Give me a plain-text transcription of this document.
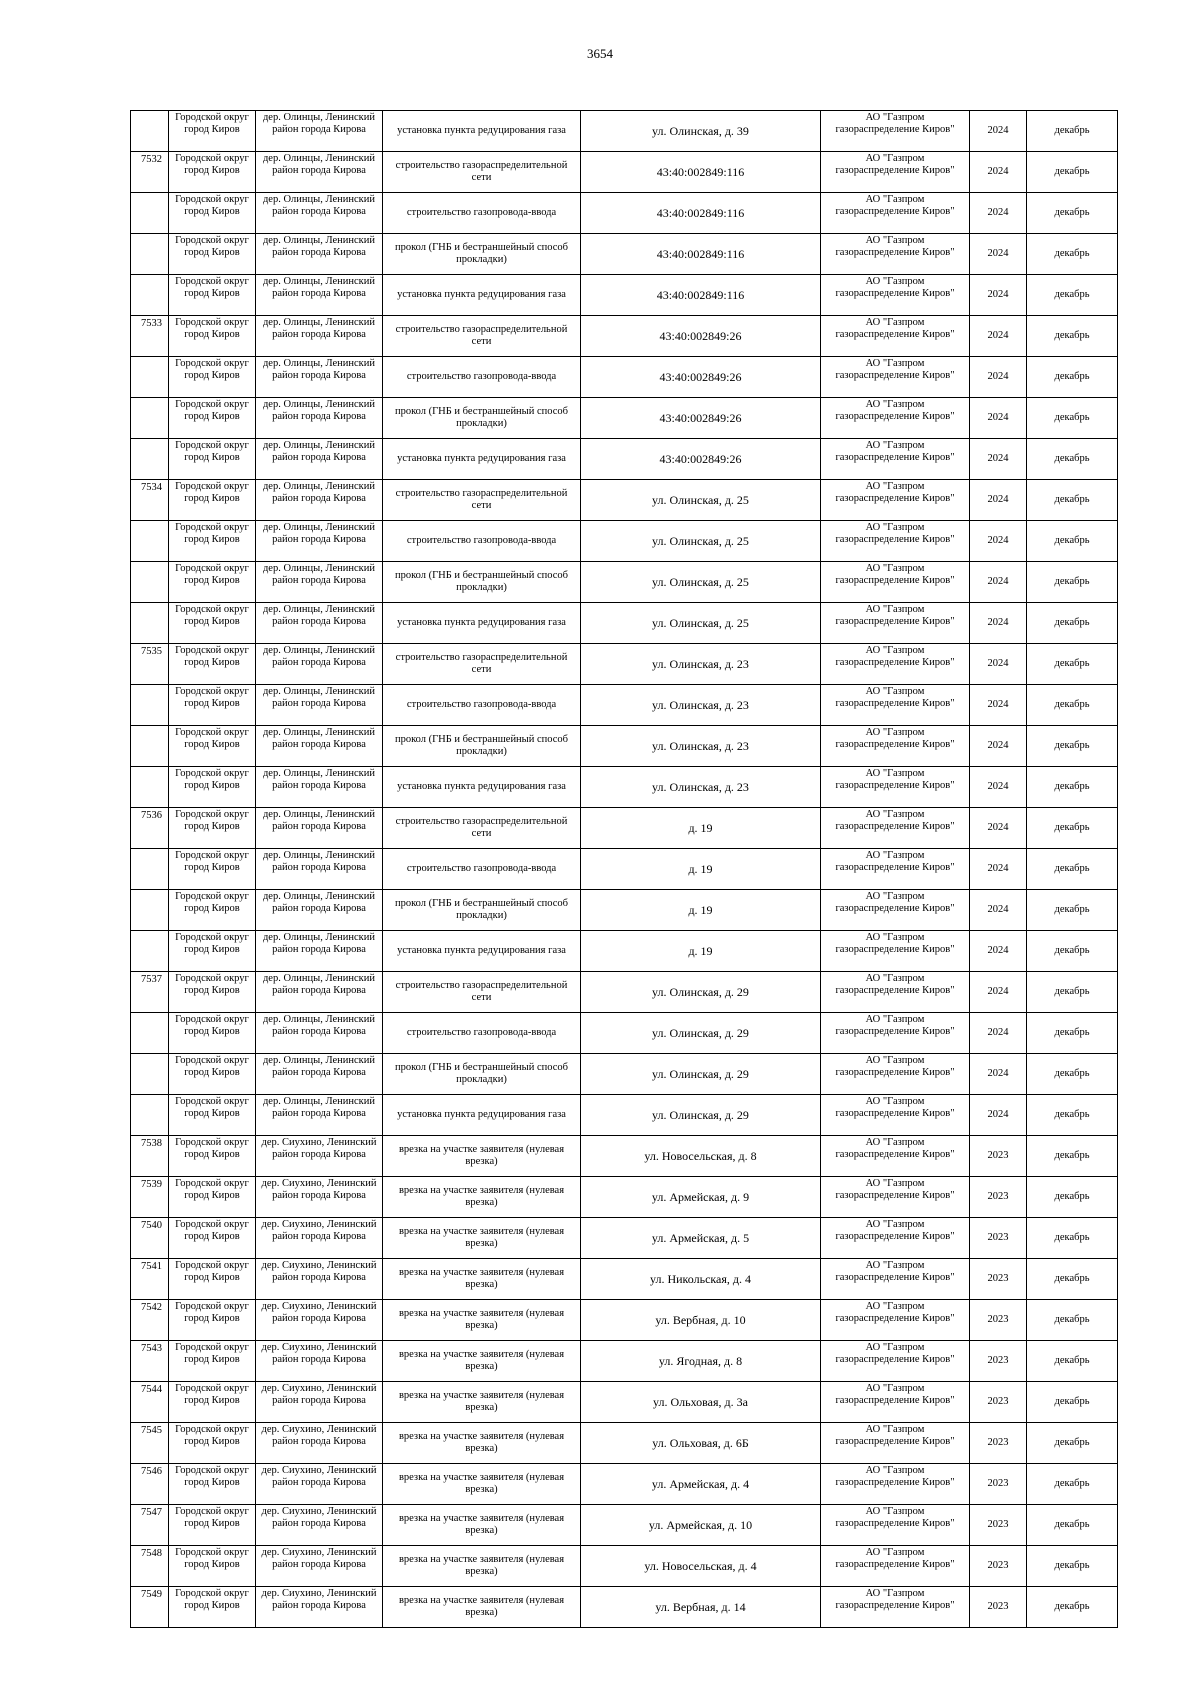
3654
	Городской округ город Киров	дер. Олинцы, Ленинский район города Кирова	установка пункта редуцирования газа	ул. Олинская, д. 39	АО "Газпром газораспределение Киров"	2024	декабрь
7532	Городской округ город Киров	дер. Олинцы, Ленинский район города Кирова	строительство газораспределительной сети	43:40:002849:116	АО "Газпром газораспределение Киров"	2024	декабрь
	Городской округ город Киров	дер. Олинцы, Ленинский район города Кирова	строительство газопровода-ввода	43:40:002849:116	АО "Газпром газораспределение Киров"	2024	декабрь
	Городской округ город Киров	дер. Олинцы, Ленинский район города Кирова	прокол (ГНБ и бестраншейный способ прокладки)	43:40:002849:116	АО "Газпром газораспределение Киров"	2024	декабрь
	Городской округ город Киров	дер. Олинцы, Ленинский район города Кирова	установка пункта редуцирования газа	43:40:002849:116	АО "Газпром газораспределение Киров"	2024	декабрь
7533	Городской округ город Киров	дер. Олинцы, Ленинский район города Кирова	строительство газораспределительной сети	43:40:002849:26	АО "Газпром газораспределение Киров"	2024	декабрь
	Городской округ город Киров	дер. Олинцы, Ленинский район города Кирова	строительство газопровода-ввода	43:40:002849:26	АО "Газпром газораспределение Киров"	2024	декабрь
	Городской округ город Киров	дер. Олинцы, Ленинский район города Кирова	прокол (ГНБ и бестраншейный способ прокладки)	43:40:002849:26	АО "Газпром газораспределение Киров"	2024	декабрь
	Городской округ город Киров	дер. Олинцы, Ленинский район города Кирова	установка пункта редуцирования газа	43:40:002849:26	АО "Газпром газораспределение Киров"	2024	декабрь
7534	Городской округ город Киров	дер. Олинцы, Ленинский район города Кирова	строительство газораспределительной сети	ул. Олинская, д. 25	АО "Газпром газораспределение Киров"	2024	декабрь
	Городской округ город Киров	дер. Олинцы, Ленинский район города Кирова	строительство газопровода-ввода	ул. Олинская, д. 25	АО "Газпром газораспределение Киров"	2024	декабрь
	Городской округ город Киров	дер. Олинцы, Ленинский район города Кирова	прокол (ГНБ и бестраншейный способ прокладки)	ул. Олинская, д. 25	АО "Газпром газораспределение Киров"	2024	декабрь
	Городской округ город Киров	дер. Олинцы, Ленинский район города Кирова	установка пункта редуцирования газа	ул. Олинская, д. 25	АО "Газпром газораспределение Киров"	2024	декабрь
7535	Городской округ город Киров	дер. Олинцы, Ленинский район города Кирова	строительство газораспределительной сети	ул. Олинская, д. 23	АО "Газпром газораспределение Киров"	2024	декабрь
	Городской округ город Киров	дер. Олинцы, Ленинский район города Кирова	строительство газопровода-ввода	ул. Олинская, д. 23	АО "Газпром газораспределение Киров"	2024	декабрь
	Городской округ город Киров	дер. Олинцы, Ленинский район города Кирова	прокол (ГНБ и бестраншейный способ прокладки)	ул. Олинская, д. 23	АО "Газпром газораспределение Киров"	2024	декабрь
	Городской округ город Киров	дер. Олинцы, Ленинский район города Кирова	установка пункта редуцирования газа	ул. Олинская, д. 23	АО "Газпром газораспределение Киров"	2024	декабрь
7536	Городской округ город Киров	дер. Олинцы, Ленинский район города Кирова	строительство газораспределительной сети	д. 19	АО "Газпром газораспределение Киров"	2024	декабрь
	Городской округ город Киров	дер. Олинцы, Ленинский район города Кирова	строительство газопровода-ввода	д. 19	АО "Газпром газораспределение Киров"	2024	декабрь
	Городской округ город Киров	дер. Олинцы, Ленинский район города Кирова	прокол (ГНБ и бестраншейный способ прокладки)	д. 19	АО "Газпром газораспределение Киров"	2024	декабрь
	Городской округ город Киров	дер. Олинцы, Ленинский район города Кирова	установка пункта редуцирования газа	д. 19	АО "Газпром газораспределение Киров"	2024	декабрь
7537	Городской округ город Киров	дер. Олинцы, Ленинский район города Кирова	строительство газораспределительной сети	ул. Олинская, д. 29	АО "Газпром газораспределение Киров"	2024	декабрь
	Городской округ город Киров	дер. Олинцы, Ленинский район города Кирова	строительство газопровода-ввода	ул. Олинская, д. 29	АО "Газпром газораспределение Киров"	2024	декабрь
	Городской округ город Киров	дер. Олинцы, Ленинский район города Кирова	прокол (ГНБ и бестраншейный способ прокладки)	ул. Олинская, д. 29	АО "Газпром газораспределение Киров"	2024	декабрь
	Городской округ город Киров	дер. Олинцы, Ленинский район города Кирова	установка пункта редуцирования газа	ул. Олинская, д. 29	АО "Газпром газораспределение Киров"	2024	декабрь
7538	Городской округ город Киров	дер. Сиухино, Ленинский район города Кирова	врезка на участке заявителя (нулевая врезка)	ул. Новосельская, д. 8	АО "Газпром газораспределение Киров"	2023	декабрь
7539	Городской округ город Киров	дер. Сиухино, Ленинский район города Кирова	врезка на участке заявителя (нулевая врезка)	ул. Армейская, д. 9	АО "Газпром газораспределение Киров"	2023	декабрь
7540	Городской округ город Киров	дер. Сиухино, Ленинский район города Кирова	врезка на участке заявителя (нулевая врезка)	ул. Армейская, д. 5	АО "Газпром газораспределение Киров"	2023	декабрь
7541	Городской округ город Киров	дер. Сиухино, Ленинский район города Кирова	врезка на участке заявителя (нулевая врезка)	ул. Никольская, д. 4	АО "Газпром газораспределение Киров"	2023	декабрь
7542	Городской округ город Киров	дер. Сиухино, Ленинский район города Кирова	врезка на участке заявителя (нулевая врезка)	ул. Вербная, д. 10	АО "Газпром газораспределение Киров"	2023	декабрь
7543	Городской округ город Киров	дер. Сиухино, Ленинский район города Кирова	врезка на участке заявителя (нулевая врезка)	ул. Ягодная, д. 8	АО "Газпром газораспределение Киров"	2023	декабрь
7544	Городской округ город Киров	дер. Сиухино, Ленинский район города Кирова	врезка на участке заявителя (нулевая врезка)	ул. Ольховая, д. 3а	АО "Газпром газораспределение Киров"	2023	декабрь
7545	Городской округ город Киров	дер. Сиухино, Ленинский район города Кирова	врезка на участке заявителя (нулевая врезка)	ул. Ольховая, д. 6Б	АО "Газпром газораспределение Киров"	2023	декабрь
7546	Городской округ город Киров	дер. Сиухино, Ленинский район города Кирова	врезка на участке заявителя (нулевая врезка)	ул. Армейская, д. 4	АО "Газпром газораспределение Киров"	2023	декабрь
7547	Городской округ город Киров	дер. Сиухино, Ленинский район города Кирова	врезка на участке заявителя (нулевая врезка)	ул. Армейская, д. 10	АО "Газпром газораспределение Киров"	2023	декабрь
7548	Городской округ город Киров	дер. Сиухино, Ленинский район города Кирова	врезка на участке заявителя (нулевая врезка)	ул. Новосельская, д. 4	АО "Газпром газораспределение Киров"	2023	декабрь
7549	Городской округ город Киров	дер. Сиухино, Ленинский район города Кирова	врезка на участке заявителя (нулевая врезка)	ул. Вербная, д. 14	АО "Газпром газораспределение Киров"	2023	декабрь
